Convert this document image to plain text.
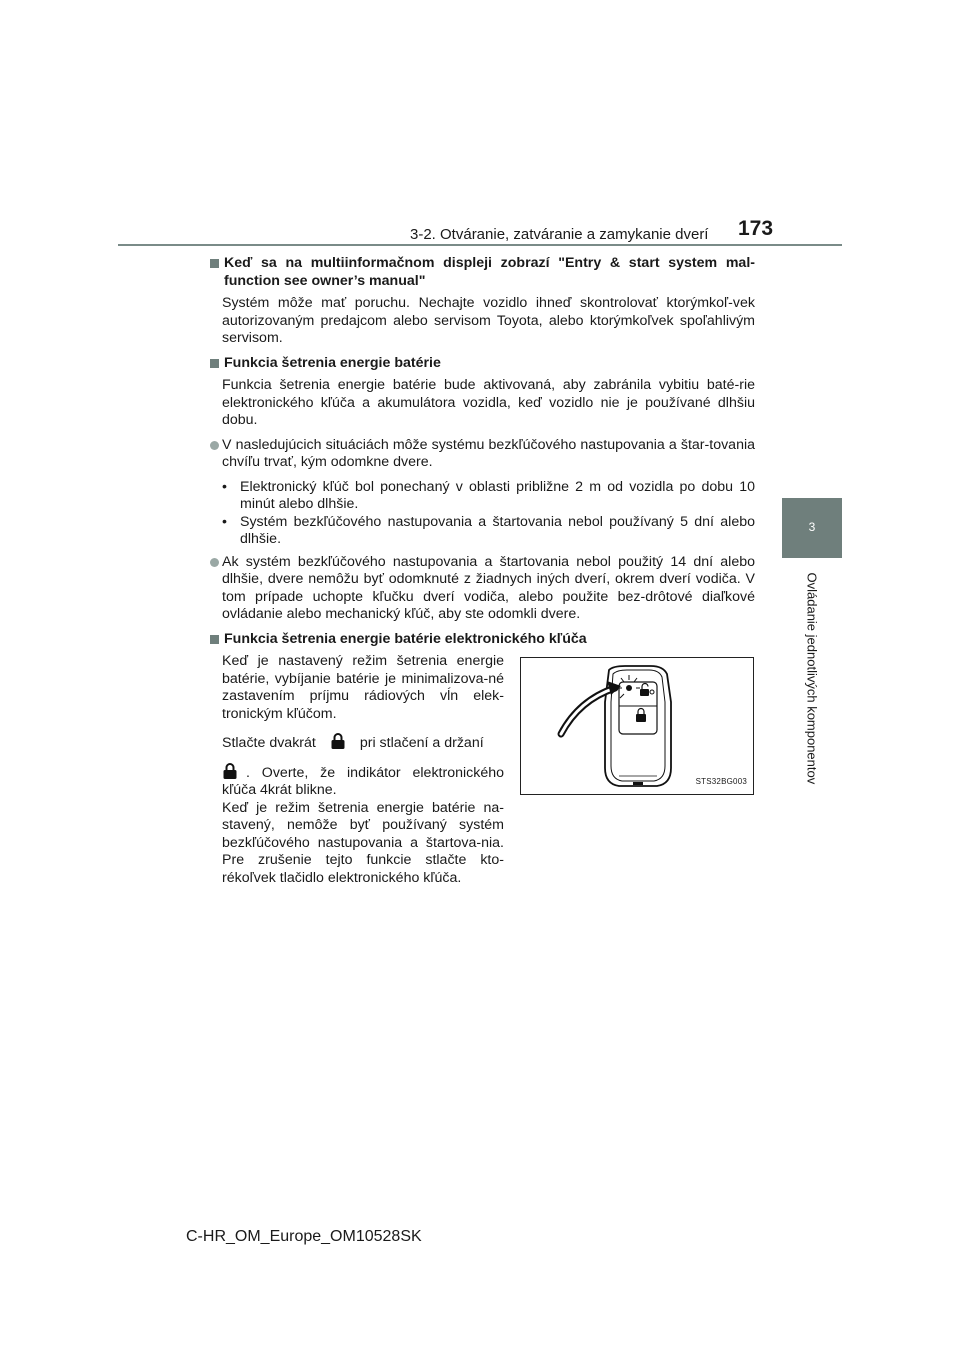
3-2. Otváranie, zatváranie a zamykanie dverí 173
3
Ovládanie jednotlivých komponentov

Keď sa na multiinformačnom displeji zobrazí "Entry & start system mal-function see owner’s manual"

Systém môže mať poruchu. Nechajte vozidlo ihneď skontrolovať ktorýmkoľ-vek autorizovaným predajcom alebo servisom Toyota, alebo ktorýmkoľvek spoľahlivým servisom.

Funkcia šetrenia energie batérie

Funkcia šetrenia energie batérie bude aktivovaná, aby zabránila vybitiu baté-rie elektronického kľúča a akumulátora vozidla, keď vozidlo nie je používané dlhšiu dobu.

V nasledujúcich situáciách môže systému bezkľúčového nastupovania a štar-tovania chvíľu trvať, kým odomkne dvere.

• Elektronický kľúč bol ponechaný v oblasti približne 2 m od vozidla po dobu 10 minút alebo dlhšie.

• Systém bezkľúčového nastupovania a štartovania nebol používaný 5 dní alebo dlhšie.

Ak systém bezkľúčového nastupovania a štartovania nebol použitý 14 dní alebo dlhšie, dvere nemôžu byť odomknuté z žiadnych iných dverí, okrem dverí vodiča. V tom prípade uchopte kľučku dverí vodiča, alebo použite bez-drôtové diaľkové ovládanie alebo mechanický kľúč, aby ste odomkli dvere.

Funkcia šetrenia energie batérie elektronického kľúča

Keď je nastavený režim šetrenia energie batérie, vybíjanie batérie je minimalizova-né zastavením príjmu rádiových vĺn elek-tronickým kľúčom.

Stlačte dvakrát	pri stlačení a držaní

. Overte, že indikátor elektronického kľúča 4krát blikne.

Keď je režim šetrenia energie batérie na-stavený, nemôže byť používaný systém bezkľúčového nastupovania a štartova-nia. Pre zrušenie tejto funkcie stlačte kto-rékoľvek tlačidlo elektronického kľúča.

STS32BG003
C-HR_OM_Europe_OM10528SK
